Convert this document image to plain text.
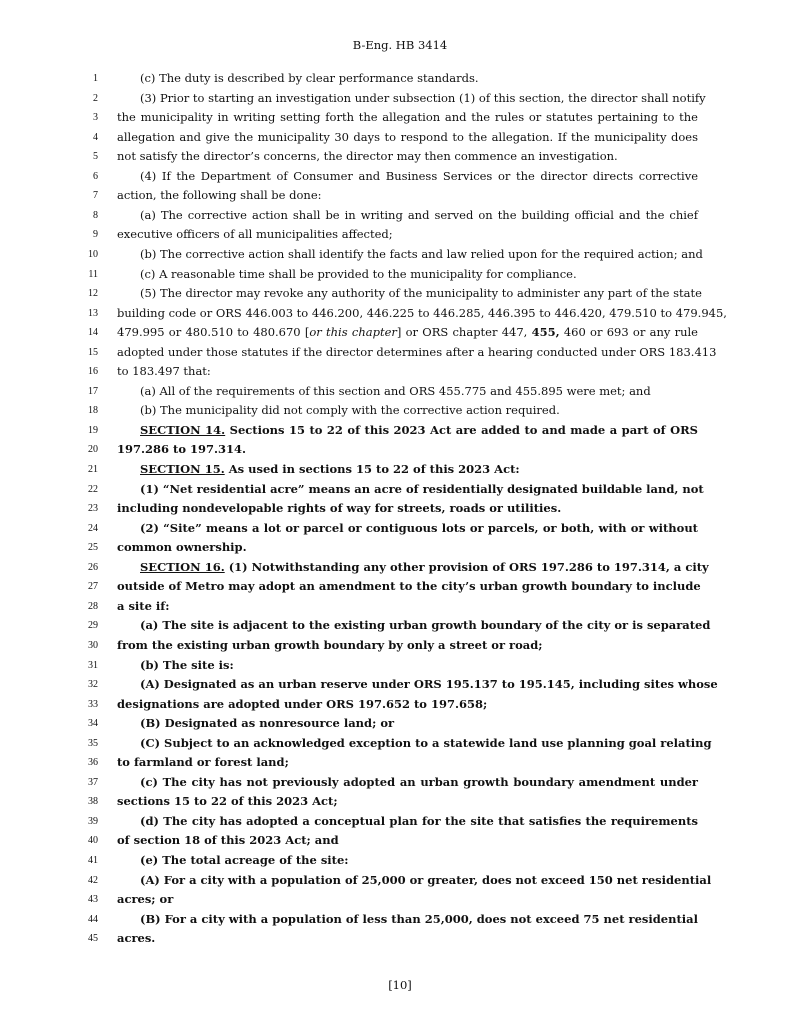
B-Eng. HB 3414
1	(c) The duty is described by clear performance standards.
2	(3) Prior to starting an investigation under subsection (1) of this section, the director shall notify
3 the municipality in writing setting forth the allegation and the rules or statutes pertaining to the
4 allegation and give the municipality 30 days to respond to the allegation. If the municipality does
5 not satisfy the director’s concerns, the director may then commence an investigation.
6	(4) If the Department of Consumer and Business Services or the director directs corrective
7 action, the following shall be done:
8	(a) The corrective action shall be in writing and served on the building official and the chief
9 executive officers of all municipalities affected;
10	(b) The corrective action shall identify the facts and law relied upon for the required action; and
11	(c) A reasonable time shall be provided to the municipality for compliance.
12	(5) The director may revoke any authority of the municipality to administer any part of the state
13 building code or ORS 446.003 to 446.200, 446.225 to 446.285, 446.395 to 446.420, 479.510 to 479.945,
14 479.995 or 480.510 to 480.670 [or this chapter] or ORS chapter 447, 455, 460 or 693 or any rule
15 adopted under those statutes if the director determines after a hearing conducted under ORS 183.413
16 to 183.497 that:
17	(a) All of the requirements of this section and ORS 455.775 and 455.895 were met; and
18	(b) The municipality did not comply with the corrective action required.
19	SECTION 14. Sections 15 to 22 of this 2023 Act are added to and made a part of ORS
20 197.286 to 197.314.
21	SECTION 15. As used in sections 15 to 22 of this 2023 Act:
22	(1) “Net residential acre” means an acre of residentially designated buildable land, not
23 including nondevelopable rights of way for streets, roads or utilities.
24	(2) “Site” means a lot or parcel or contiguous lots or parcels, or both, with or without
25 common ownership.
26	SECTION 16. (1) Notwithstanding any other provision of ORS 197.286 to 197.314, a city
27 outside of Metro may adopt an amendment to the city’s urban growth boundary to include
28 a site if:
29	(a) The site is adjacent to the existing urban growth boundary of the city or is separated
30 from the existing urban growth boundary by only a street or road;
31	(b) The site is:
32	(A) Designated as an urban reserve under ORS 195.137 to 195.145, including sites whose
33 designations are adopted under ORS 197.652 to 197.658;
34	(B) Designated as nonresource land; or
35	(C) Subject to an acknowledged exception to a statewide land use planning goal relating
36 to farmland or forest land;
37	(c) The city has not previously adopted an urban growth boundary amendment under
38 sections 15 to 22 of this 2023 Act;
39	(d) The city has adopted a conceptual plan for the site that satisfies the requirements
40 of section 18 of this 2023 Act; and
41	(e) The total acreage of the site:
42	(A) For a city with a population of 25,000 or greater, does not exceed 150 net residential
43 acres; or
44	(B) For a city with a population of less than 25,000, does not exceed 75 net residential
45 acres.
[10]
